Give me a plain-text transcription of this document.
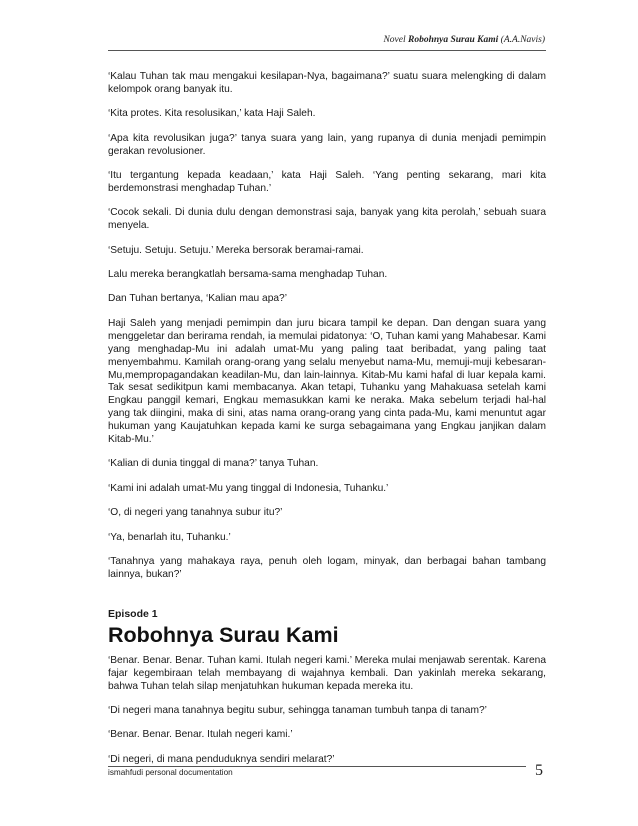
Novel Robohnya Surau Kami (A.A.Navis)

‘Kalau Tuhan tak mau mengakui kesilapan-Nya, bagaimana?’ suatu suara melengking di dalam kelompok orang banyak itu.

‘Kita protes. Kita resolusikan,’ kata Haji Saleh.

‘Apa kita revolusikan juga?’ tanya suara yang lain, yang rupanya di dunia menjadi pemimpin gerakan revolusioner.

‘Itu tergantung kepada keadaan,’ kata Haji Saleh. ‘Yang penting sekarang, mari kita berdemonstrasi menghadap Tuhan.’

‘Cocok sekali. Di dunia dulu dengan demonstrasi saja, banyak yang kita perolah,’ sebuah suara menyela.

‘Setuju. Setuju. Setuju.’ Mereka bersorak beramai-ramai.

Lalu mereka berangkatlah bersama-sama menghadap Tuhan.

Dan Tuhan bertanya, ‘Kalian mau apa?’

Haji Saleh yang menjadi pemimpin dan juru bicara tampil ke depan. Dan dengan suara yang menggeletar dan berirama rendah, ia memulai pidatonya: ‘O, Tuhan kami yang Mahabesar. Kami yang menghadap-Mu ini adalah umat-Mu yang paling taat beribadat, yang paling taat menyembahmu. Kamilah orang-orang yang selalu menyebut nama-Mu, memuji-muji kebesaran-Mu,mempropagandakan keadilan-Mu, dan lain-lainnya. Kitab-Mu kami hafal di luar kepala kami. Tak sesat sedikitpun kami membacanya. Akan tetapi, Tuhanku yang Mahakuasa setelah kami Engkau panggil kemari, Engkau memasukkan kami ke neraka. Maka sebelum terjadi hal-hal yang tak diingini, maka di sini, atas nama orang-orang yang cinta pada-Mu, kami menuntut agar hukuman yang Kaujatuhkan kepada kami ke surga sebagaimana yang Engkau janjikan dalam Kitab-Mu.’

‘Kalian di dunia tinggal di mana?’ tanya Tuhan.

‘Kami ini adalah umat-Mu yang tinggal di Indonesia, Tuhanku.’

‘O, di negeri yang tanahnya subur itu?’

‘Ya, benarlah itu, Tuhanku.’

‘Tanahnya yang mahakaya raya, penuh oleh logam, minyak, dan berbagai bahan tambang lainnya, bukan?’

Episode 1
Robohnya Surau Kami

‘Benar. Benar. Benar. Tuhan kami. Itulah negeri kami.’ Mereka mulai menjawab serentak. Karena fajar kegembiraan telah membayang di wajahnya kembali. Dan yakinlah mereka sekarang, bahwa Tuhan telah silap menjatuhkan hukuman kepada mereka itu.

‘Di negeri mana tanahnya begitu subur, sehingga tanaman tumbuh tanpa di tanam?’

‘Benar. Benar. Benar. Itulah negeri kami.’

‘Di negeri, di mana penduduknya sendiri melarat?’

ismahfudi personal documentation	5
